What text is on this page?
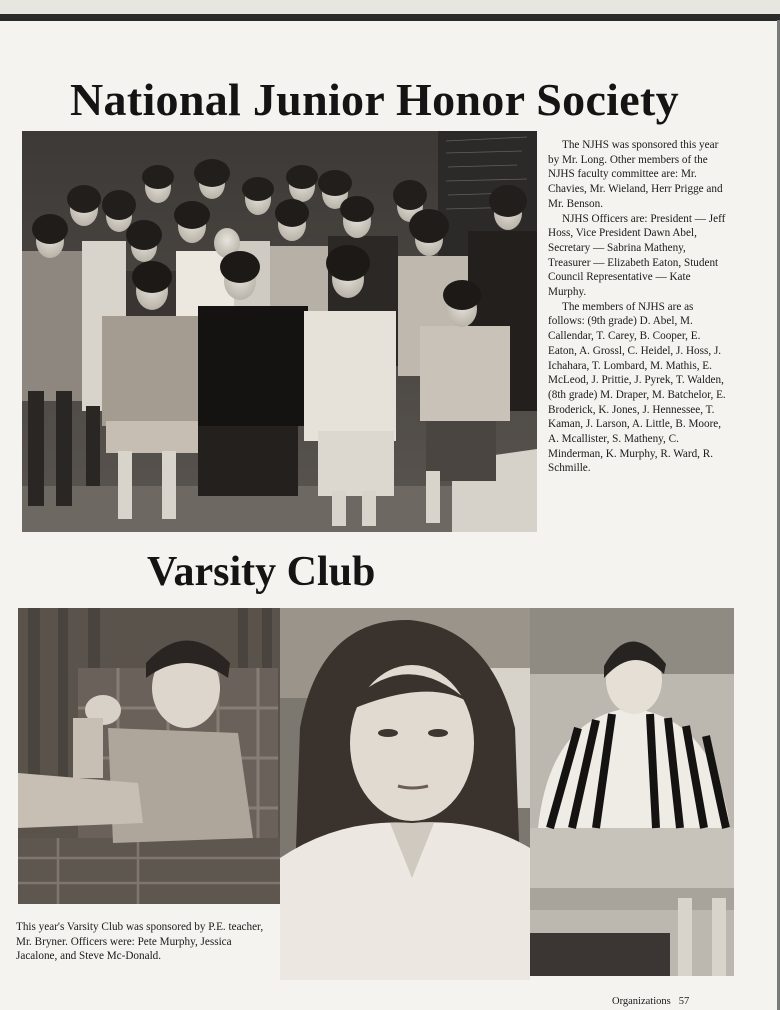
National Junior Honor Society

The NJHS was sponsored this year by Mr. Long. Other members of the NJHS faculty committee are: Mr. Chavies, Mr. Wieland, Herr Prigge and Mr. Benson.

NJHS Officers are: President — Jeff Hoss, Vice President Dawn Abel, Secretary — Sabrina Matheny, Treasurer — Elizabeth Eaton, Student Council Representative — Kate Murphy.

The members of NJHS are as follows: (9th grade) D. Abel, M. Callendar, T. Carey, B. Cooper, E. Eaton, A. Grossl, C. Heidel, J. Hoss, J. Ichahara, T. Lombard, M. Mathis, E. McLeod, J. Prittie, J. Pyrek, T. Walden, (8th grade) M. Draper, M. Batchelor, E. Broderick, K. Jones, J. Hennessee, T. Kaman, J. Larson, A. Little, B. Moore, A. Mcallister, S. Matheny, C. Minderman, K. Murphy, R. Ward, R. Schmille.

Varsity Club

This year's Varsity Club was sponsored by P.E. teacher, Mr. Bryner. Officers were: Pete Murphy, Jessica Jacalone, and Steve Mc-Donald.

Organizations 57
